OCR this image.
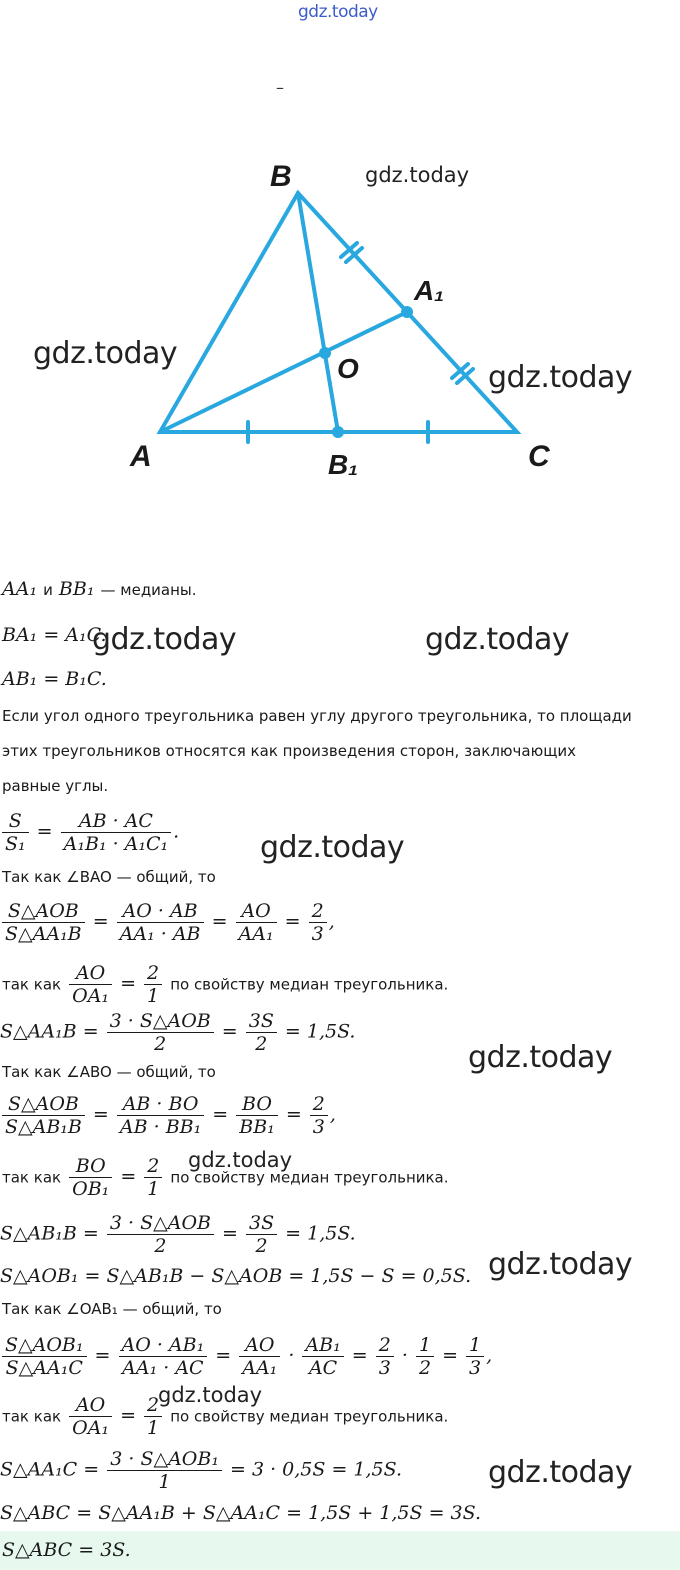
gdz.today
–
B
A₁
O
A	B₁	C
gdz.today
gdz.today
gdz.today
gdz.today	gdz.today
gdz.today
gdz.today
gdz.today
gdz.today
gdz.today
gdz.today
AA₁ и BB₁ — медианы.
BA₁ = A₁C.
AB₁ = B₁C.
Если угол одного треугольника равен углу другого треугольника, то площади
этих треугольников относятся как произведения сторон, заключающих
равные углы.
$\frac{S}{\text{S₁}} = \frac{AB \cdot AC}{\text{A₁B₁ · A₁C₁}}$ .
Так как ∠BAO — общий, то
$\frac{\text{S△AOB}}{\text{S△AA₁B}} = \frac{AO \cdot AB}{\text{AA₁ · AB}} = \frac{AO}{\text{AA₁}} = \frac{2}{3}$ ,
так как $\frac{AO}{\text{OA₁}} = \frac{2}{1}$ по свойству медиан треугольника.
S△AA₁B = $\frac{\text{3 · S△AOB}}{2} = \frac{3S}{2} = 1,5S$.
Так как ∠ABO — общий, то
$\frac{\text{S△AOB}}{\text{S△AB₁B}} = \frac{AB \cdot BO}{\text{AB · BB₁}} = \frac{BO}{\text{BB₁}} = \frac{2}{3}$ ,
так как $\frac{BO}{\text{OB₁}} = \frac{2}{1}$ по свойству медиан треугольника.
S△AB₁B = $\frac{\text{3 · S△AOB}}{2} = \frac{3S}{2} = 1,5S$.
S△AOB₁ = S△AB₁B − S△AOB = 1,5S − S = 0,5S.
Так как ∠OAB₁ — общий, то
$\frac{\text{S△AOB₁}}{\text{S△AA₁C}} = \frac{\text{AO · AB₁}}{\text{AA₁ · AC}} = \frac{AO}{\text{AA₁}} \cdot \frac{\text{AB₁}}{AC} = \frac{2}{3} \cdot \frac{1}{2} = \frac{1}{3}$ ,
так как $\frac{AO}{\text{OA₁}} = \frac{2}{1}$ по свойству медиан треугольника.
S△AA₁C = $\frac{\text{3 · S△AOB₁}}{1} = 3 \cdot 0,5S = 1,5S$.
S△ABC = S△AA₁B + S△AA₁C = 1,5S + 1,5S = 3S.
S△ABC = 3S.
